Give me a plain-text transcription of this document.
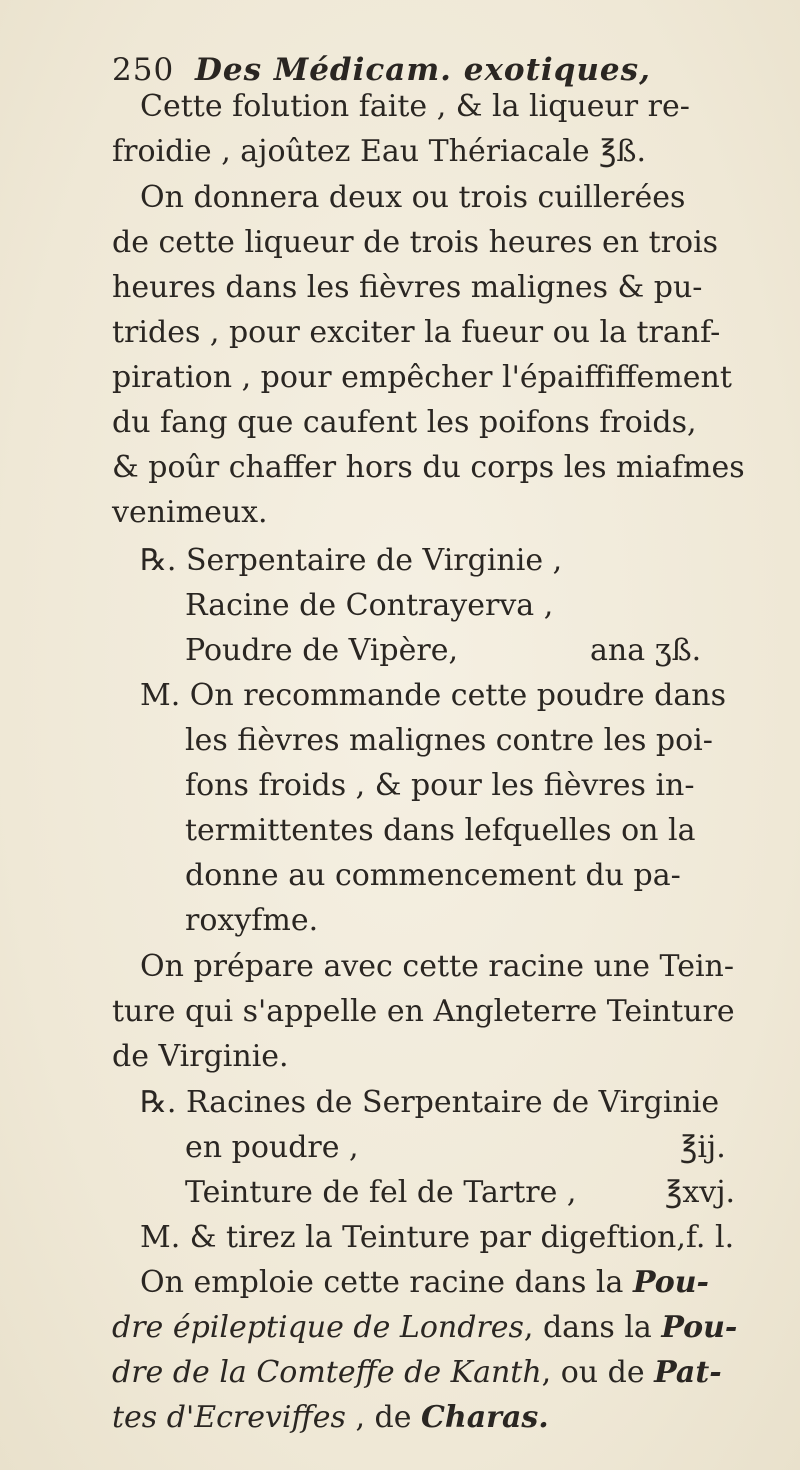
250 Des Médicam. exotiques,
Cette folution faite , & la liqueur re-
froidie , ajoûtez Eau Thériacale ℥ß.
On donnera deux ou trois cuillerées
de cette liqueur de trois heures en trois
heures dans les fièvres malignes & pu-
trides , pour exciter la fueur ou la tranf-
piration , pour empêcher l'épaiffiffement
du fang que caufent les poifons froids,
& poûr chaffer hors du corps les miafmes
venimeux.
℞. Serpentaire de Virginie ,
Racine de Contrayerva ,
Poudre de Vipère,	ana ʒß.
M. On recommande cette poudre dans
les fièvres malignes contre les poi-
fons froids , & pour les fièvres in-
termittentes dans lefquelles on la
donne au commencement du pa-
roxyfme.
On prépare avec cette racine une Tein-
ture qui s'appelle en Angleterre Teinture
de Virginie.
℞. Racines de Serpentaire de Virginie
en poudre ,	℥ij.
Teinture de fel de Tartre ,	℥xvj.
M. & tirez la Teinture par digeftion,f. l.
On emploie cette racine dans la Pou-
dre épileptique de Londres, dans la Pou-
dre de la Comteffe de Kanth, ou de Pat-
tes d'Ecreviffes , de Charas.
